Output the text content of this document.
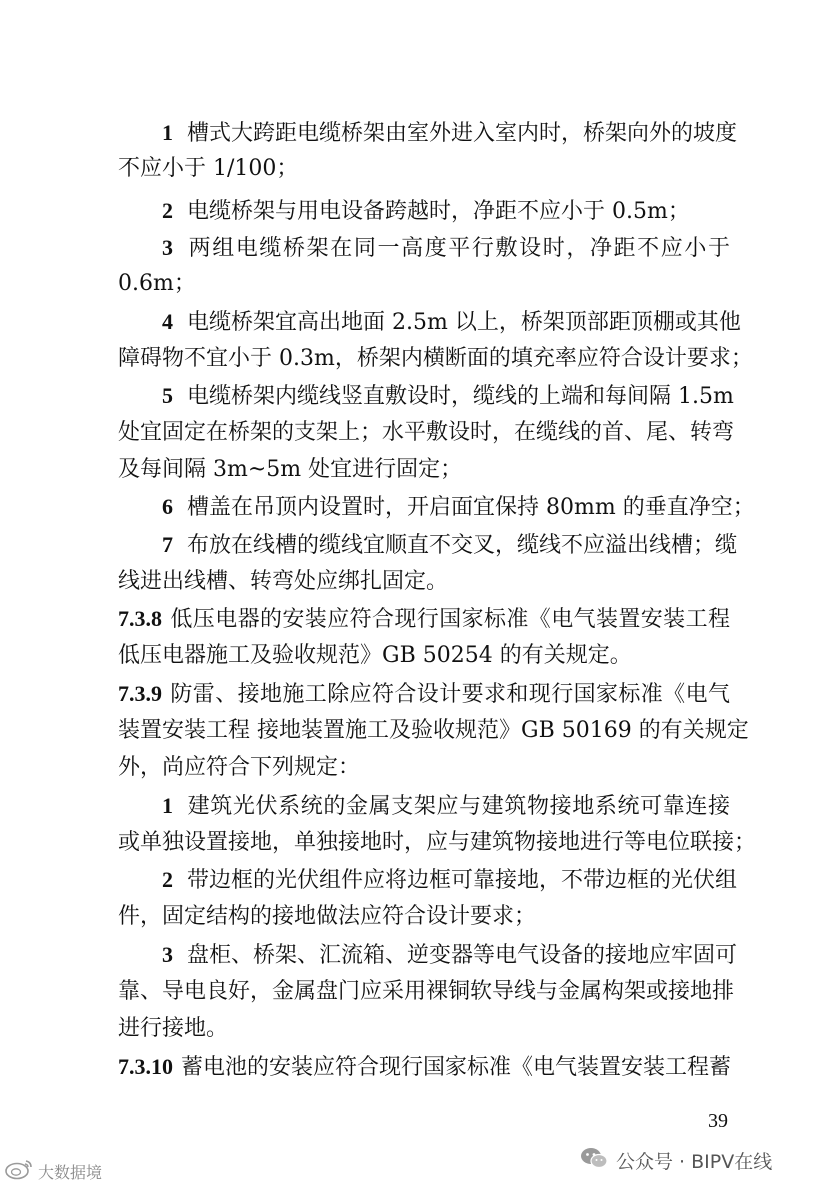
1 槽式大跨距电缆桥架由室外进入室内时，桥架向外的坡度
不应小于 1/100；
2 电缆桥架与用电设备跨越时，净距不应小于 0.5m；
3 两组电缆桥架在同一高度平行敷设时，净距不应小于
0.6m；
4 电缆桥架宜高出地面 2.5m 以上，桥架顶部距顶棚或其他
障碍物不宜小于 0.3m，桥架内横断面的填充率应符合设计要求；
5 电缆桥架内缆线竖直敷设时，缆线的上端和每间隔 1.5m
处宜固定在桥架的支架上；水平敷设时，在缆线的首、尾、转弯
及每间隔 3m~5m 处宜进行固定；
6 槽盖在吊顶内设置时，开启面宜保持 80mm 的垂直净空；
7 布放在线槽的缆线宜顺直不交叉，缆线不应溢出线槽；缆
线进出线槽、转弯处应绑扎固定。
7.3.8 低压电器的安装应符合现行国家标准《电气装置安装工程
低压电器施工及验收规范》GB 50254 的有关规定。
7.3.9 防雷、接地施工除应符合设计要求和现行国家标准《电气
装置安装工程 接地装置施工及验收规范》GB 50169 的有关规定
外，尚应符合下列规定：
1 建筑光伏系统的金属支架应与建筑物接地系统可靠连接
或单独设置接地，单独接地时，应与建筑物接地进行等电位联接；
2 带边框的光伏组件应将边框可靠接地，不带边框的光伏组
件，固定结构的接地做法应符合设计要求；
3 盘柜、桥架、汇流箱、逆变器等电气设备的接地应牢固可
靠、导电良好，金属盘门应采用裸铜软导线与金属构架或接地排
进行接地。
7.3.10 蓄电池的安装应符合现行国家标准《电气装置安装工程蓄
39
公众号 · BIPV在线
大数据境
